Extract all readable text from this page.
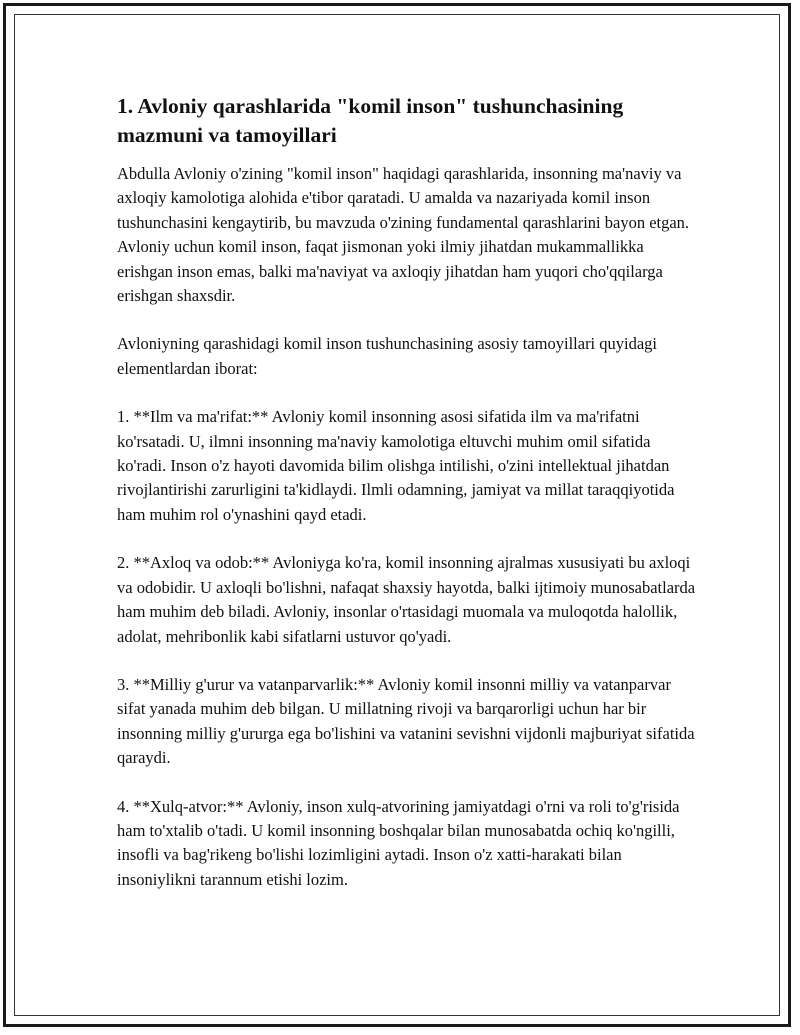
1. Avloniy qarashlarida "komil inson" tushunchasining mazmuni va tamoyillari

Abdulla Avloniy o'zining "komil inson" haqidagi qarashlarida, insonning ma'naviy va axloqiy kamolotiga alohida e'tibor qaratadi. U amalda va nazariyada komil inson tushunchasini kengaytirib, bu mavzuda o'zining fundamental qarashlarini bayon etgan. Avloniy uchun komil inson, faqat jismonan yoki ilmiy jihatdan mukammallikka erishgan inson emas, balki ma'naviyat va axloqiy jihatdan ham yuqori cho'qqilarga erishgan shaxsdir.

Avloniyning qarashidagi komil inson tushunchasining asosiy tamoyillari quyidagi elementlardan iborat:

1. **Ilm va ma'rifat:** Avloniy komil insonning asosi sifatida ilm va ma'rifatni ko'rsatadi. U, ilmni insonning ma'naviy kamolotiga eltuvchi muhim omil sifatida ko'radi. Inson o'z hayoti davomida bilim olishga intilishi, o'zini intellektual jihatdan rivojlantirishi zarurligini ta'kidlaydi. Ilmli odamning, jamiyat va millat taraqqiyotida ham muhim rol o'ynashini qayd etadi.

2. **Axloq va odob:** Avloniyga ko'ra, komil insonning ajralmas xususiyati bu axloqi va odobidir. U axloqli bo'lishni, nafaqat shaxsiy hayotda, balki ijtimoiy munosabatlarda ham muhim deb biladi. Avloniy, insonlar o'rtasidagi muomala va muloqotda halollik, adolat, mehribonlik kabi sifatlarni ustuvor qo'yadi.

3. **Milliy g'urur va vatanparvarlik:** Avloniy komil insonni milliy va vatanparvar sifat yanada muhim deb bilgan. U millatning rivoji va barqarorligi uchun har bir insonning milliy g'ururga ega bo'lishini va vatanini sevishni vijdonli majburiyat sifatida qaraydi.

4. **Xulq-atvor:** Avloniy, inson xulq-atvorining jamiyatdagi o'rni va roli to'g'risida ham to'xtalib o'tadi. U komil insonning boshqalar bilan munosabatda ochiq ko'ngilli, insofli va bag'rikeng bo'lishi lozimligini aytadi. Inson o'z xatti-harakati bilan insoniylikni tarannum etishi lozim.
